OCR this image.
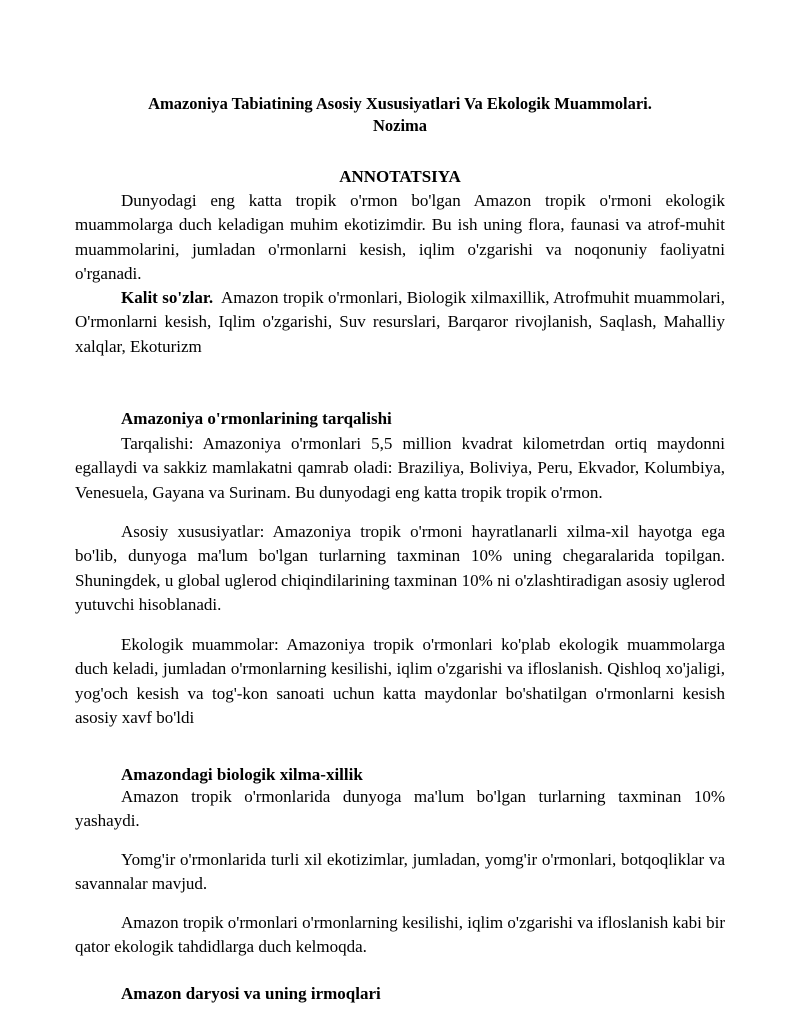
Amazoniya Tabiatining Asosiy Xususiyatlari Va Ekologik Muammolari.
Nozima
ANNOTATSIYA

Dunyodagi eng katta tropik o'rmon bo'lgan Amazon tropik o'rmoni ekologik muammolarga duch keladigan muhim ekotizimdir. Bu ish uning flora, faunasi va atrof-muhit muammolarini, jumladan o'rmonlarni kesish, iqlim o'zgarishi va noqonuniy faoliyatni o'rganadi.

Kalit so'zlar. Amazon tropik o'rmonlari, Biologik xilmaxillik, Atrofmuhit muammolari, O'rmonlarni kesish, Iqlim o'zgarishi, Suv resurslari, Barqaror rivojlanish, Saqlash, Mahalliy xalqlar, Ekoturizm

Amazoniya o'rmonlarining tarqalishi

Tarqalishi: Amazoniya o'rmonlari 5,5 million kvadrat kilometrdan ortiq maydonni egallaydi va sakkiz mamlakatni qamrab oladi: Braziliya, Boliviya, Peru, Ekvador, Kolumbiya, Venesuela, Gayana va Surinam. Bu dunyodagi eng katta tropik tropik o'rmon.

Asosiy xususiyatlar: Amazoniya tropik o'rmoni hayratlanarli xilma-xil hayotga ega bo'lib, dunyoga ma'lum bo'lgan turlarning taxminan 10% uning chegaralarida topilgan. Shuningdek, u global uglerod chiqindilarining taxminan 10% ni o'zlashtiradigan asosiy uglerod yutuvchi hisoblanadi.

Ekologik muammolar: Amazoniya tropik o'rmonlari ko'plab ekologik muammolarga duch keladi, jumladan o'rmonlarning kesilishi, iqlim o'zgarishi va ifloslanish. Qishloq xo'jaligi, yog'och kesish va tog'-kon sanoati uchun katta maydonlar bo'shatilgan o'rmonlarni kesish asosiy xavf bo'ldi

Amazondagi biologik xilma-xillik

Amazon tropik o'rmonlarida dunyoga ma'lum bo'lgan turlarning taxminan 10% yashaydi.

Yomg'ir o'rmonlarida turli xil ekotizimlar, jumladan, yomg'ir o'rmonlari, botqoqliklar va savannalar mavjud.

Amazon tropik o'rmonlari o'rmonlarning kesilishi, iqlim o'zgarishi va ifloslanish kabi bir qator ekologik tahdidlarga duch kelmoqda.

Amazon daryosi va uning irmoqlari
